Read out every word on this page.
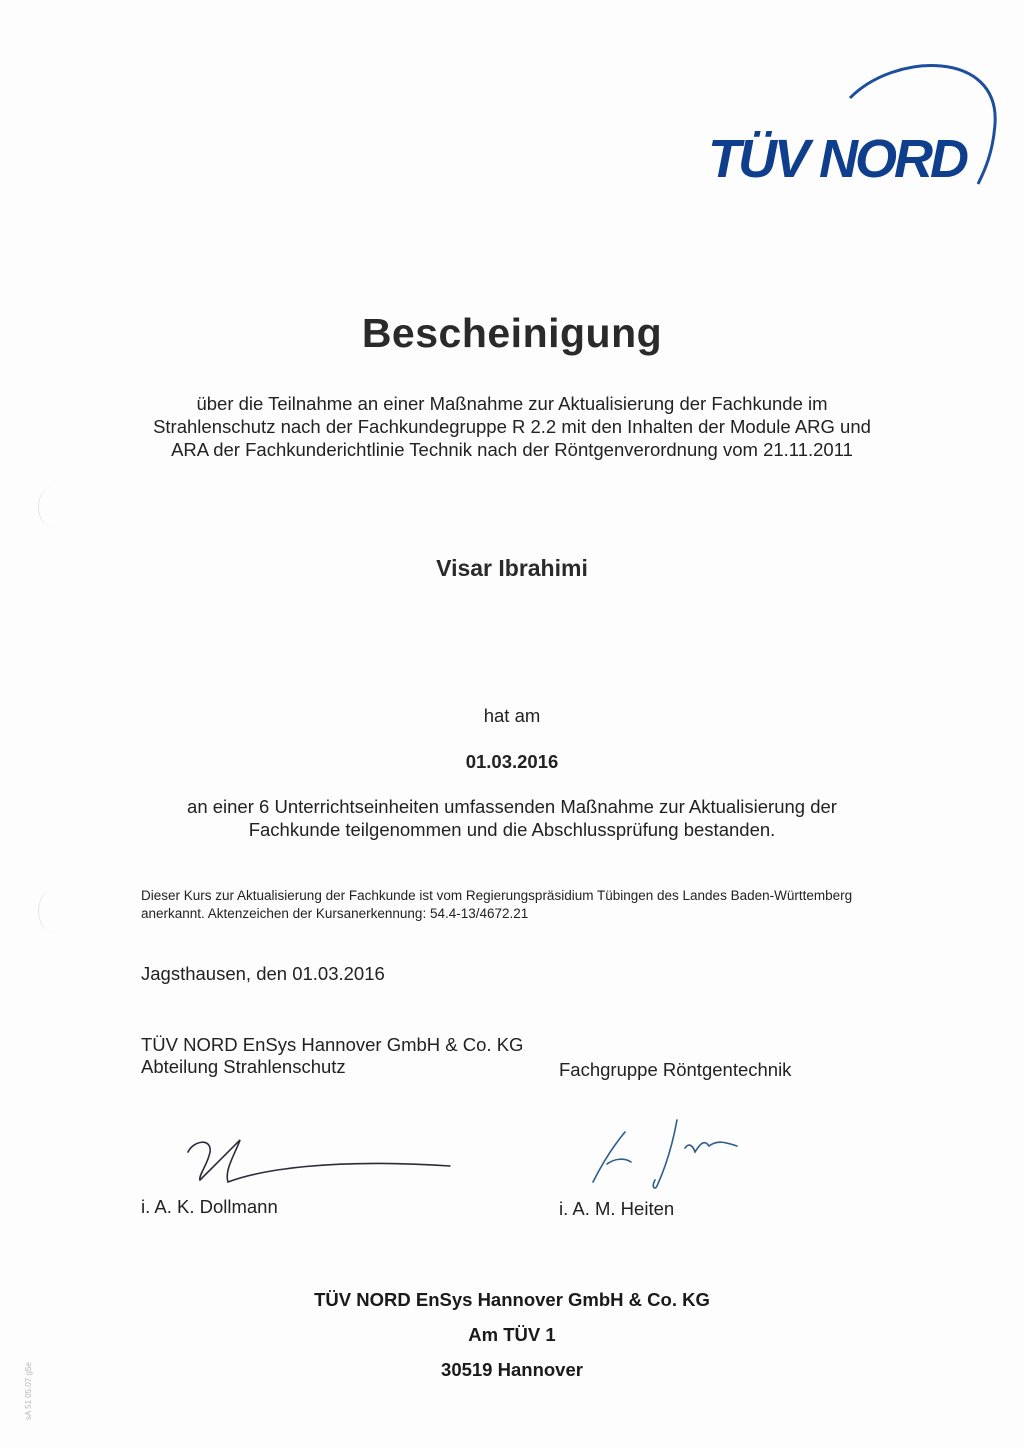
TÜV NORD
Bescheinigung
über die Teilnahme an einer Maßnahme zur Aktualisierung der Fachkunde im Strahlenschutz nach der Fachkundegruppe R 2.2 mit den Inhalten der Module ARG und ARA der Fachkunderichtlinie Technik nach der Röntgenverordnung vom 21.11.2011
Visar Ibrahimi
hat am
01.03.2016
an einer 6 Unterrichtseinheiten umfassenden Maßnahme zur Aktualisierung der Fachkunde teilgenommen und die Abschlussprüfung bestanden.
Dieser Kurs zur Aktualisierung der Fachkunde ist vom Regierungspräsidium Tübingen des Landes Baden-Württemberg anerkannt. Aktenzeichen der Kursanerkennung: 54.4-13/4672.21
Jagsthausen, den 01.03.2016
TÜV NORD EnSys Hannover GmbH & Co. KG
Abteilung Strahlenschutz	Fachgruppe Röntgentechnik
i. A. K. Dollmann	i. A. M. Heiten
TÜV NORD EnSys Hannover GmbH & Co. KG
Am TÜV 1
30519 Hannover
sA 51 05.07 g5e
